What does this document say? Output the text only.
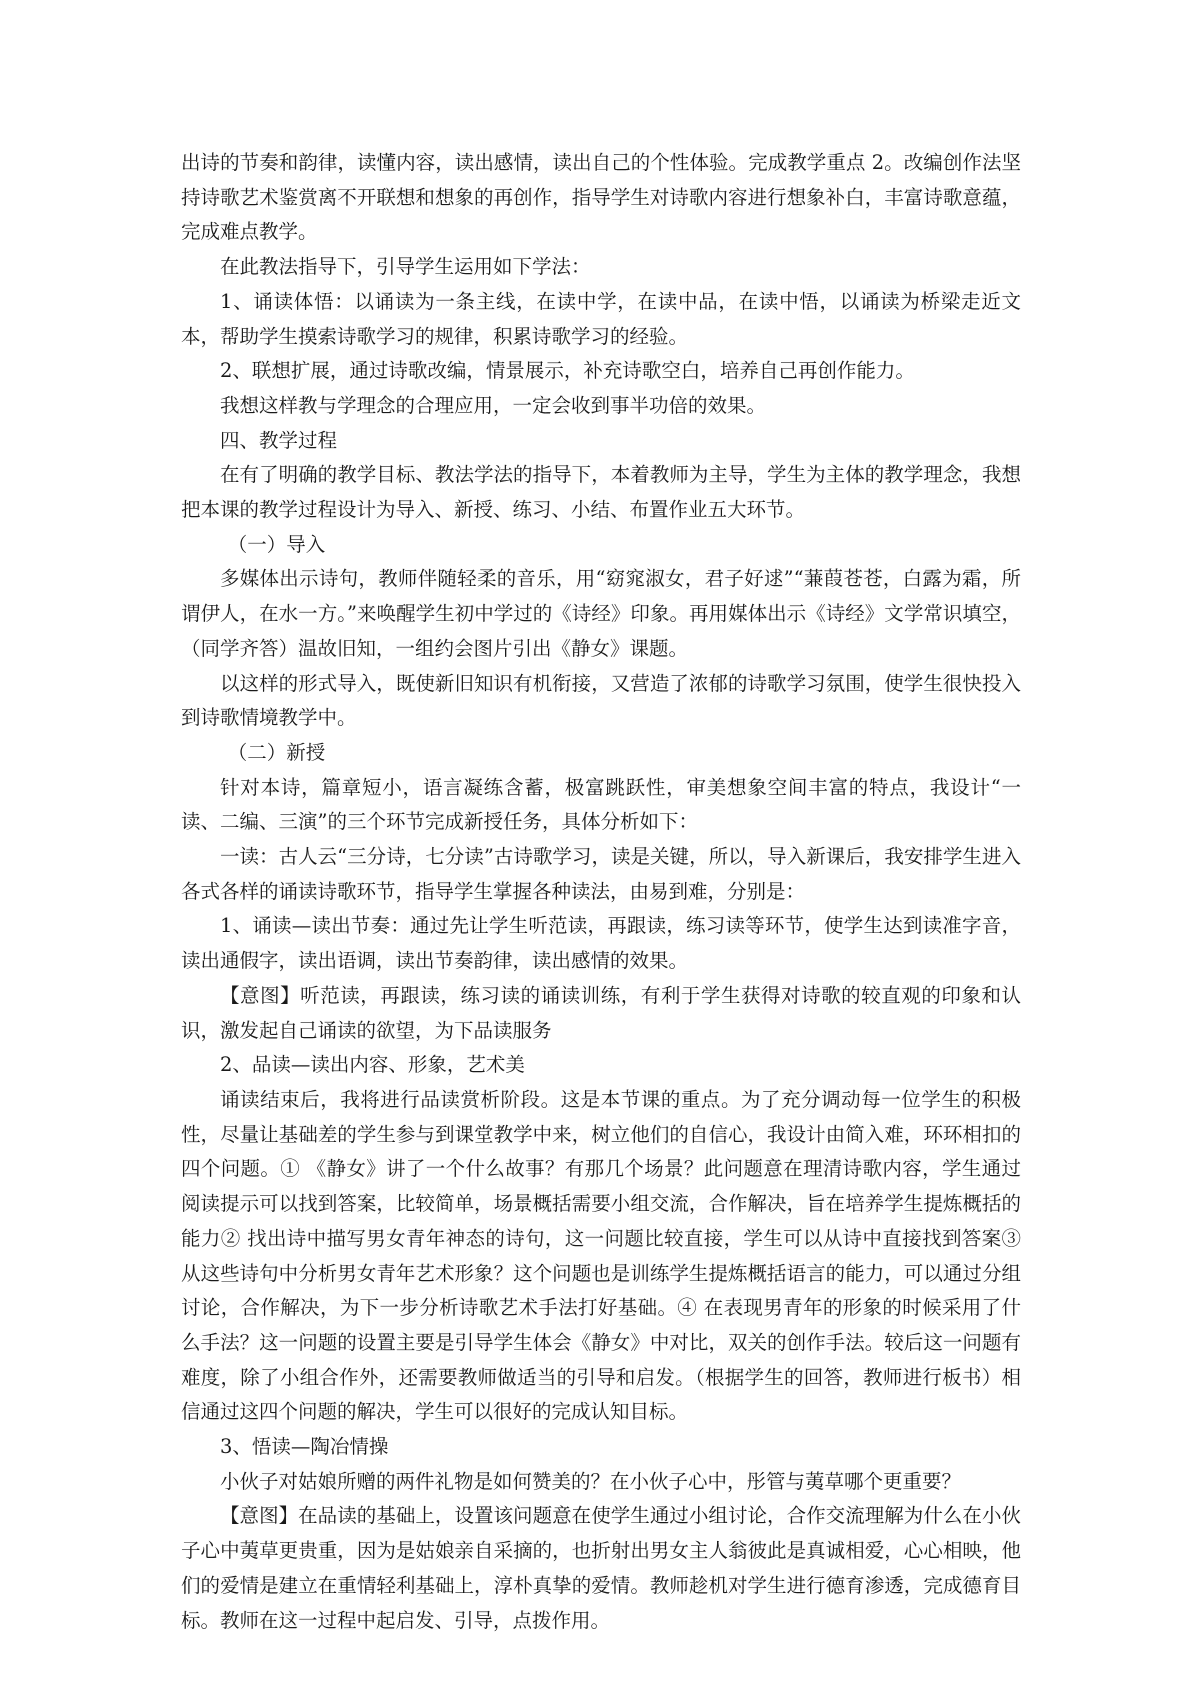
出诗的节奏和韵律，读懂内容，读出感情，读出自己的个性体验。完成教学重点 2。改编创作法坚持诗歌艺术鉴赏离不开联想和想象的再创作，指导学生对诗歌内容进行想象补白，丰富诗歌意蕴，完成难点教学。

在此教法指导下，引导学生运用如下学法：

1、诵读体悟：以诵读为一条主线，在读中学，在读中品，在读中悟，以诵读为桥梁走近文本，帮助学生摸索诗歌学习的规律，积累诗歌学习的经验。

2、联想扩展，通过诗歌改编，情景展示，补充诗歌空白，培养自己再创作能力。

我想这样教与学理念的合理应用，一定会收到事半功倍的效果。

四、教学过程

在有了明确的教学目标、教法学法的指导下，本着教师为主导，学生为主体的教学理念，我想把本课的教学过程设计为导入、新授、练习、小结、布置作业五大环节。

（一）导入

多媒体出示诗句，教师伴随轻柔的音乐，用“窈窕淑女，君子好逑”“蒹葭苍苍，白露为霜，所谓伊人，在水一方。”来唤醒学生初中学过的《诗经》印象。再用媒体出示《诗经》文学常识填空，（同学齐答）温故旧知，一组约会图片引出《静女》课题。

以这样的形式导入，既使新旧知识有机衔接，又营造了浓郁的诗歌学习氛围，使学生很快投入到诗歌情境教学中。

（二）新授

针对本诗，篇章短小，语言凝练含蓄，极富跳跃性，审美想象空间丰富的特点，我设计“一读、二编、三演”的三个环节完成新授任务，具体分析如下：

一读：古人云“三分诗，七分读”古诗歌学习，读是关键，所以，导入新课后，我安排学生进入各式各样的诵读诗歌环节，指导学生掌握各种读法，由易到难，分别是：

1、诵读—读出节奏：通过先让学生听范读，再跟读，练习读等环节，使学生达到读准字音，读出通假字，读出语调，读出节奏韵律，读出感情的效果。

【意图】听范读，再跟读，练习读的诵读训练，有利于学生获得对诗歌的较直观的印象和认识，激发起自己诵读的欲望，为下品读服务

2、品读—读出内容、形象，艺术美

诵读结束后，我将进行品读赏析阶段。这是本节课的重点。为了充分调动每一位学生的积极性，尽量让基础差的学生参与到课堂教学中来，树立他们的自信心，我设计由简入难，环环相扣的四个问题。① 《静女》讲了一个什么故事？有那几个场景？此问题意在理清诗歌内容，学生通过阅读提示可以找到答案，比较简单，场景概括需要小组交流，合作解决，旨在培养学生提炼概括的能力② 找出诗中描写男女青年神态的诗句，这一问题比较直接，学生可以从诗中直接找到答案③ 从这些诗句中分析男女青年艺术形象？这个问题也是训练学生提炼概括语言的能力，可以通过分组讨论，合作解决，为下一步分析诗歌艺术手法打好基础。④ 在表现男青年的形象的时候采用了什么手法？这一问题的设置主要是引导学生体会《静女》中对比，双关的创作手法。较后这一问题有难度，除了小组合作外，还需要教师做适当的引导和启发。（根据学生的回答，教师进行板书）相信通过这四个问题的解决，学生可以很好的完成认知目标。

3、悟读—陶冶情操

小伙子对姑娘所赠的两件礼物是如何赞美的？在小伙子心中，彤管与荑草哪个更重要？

【意图】在品读的基础上，设置该问题意在使学生通过小组讨论，合作交流理解为什么在小伙子心中荑草更贵重，因为是姑娘亲自采摘的，也折射出男女主人翁彼此是真诚相爱，心心相映，他们的爱情是建立在重情轻利基础上，淳朴真挚的爱情。教师趁机对学生进行德育渗透，完成德育目标。教师在这一过程中起启发、引导，点拨作用。
